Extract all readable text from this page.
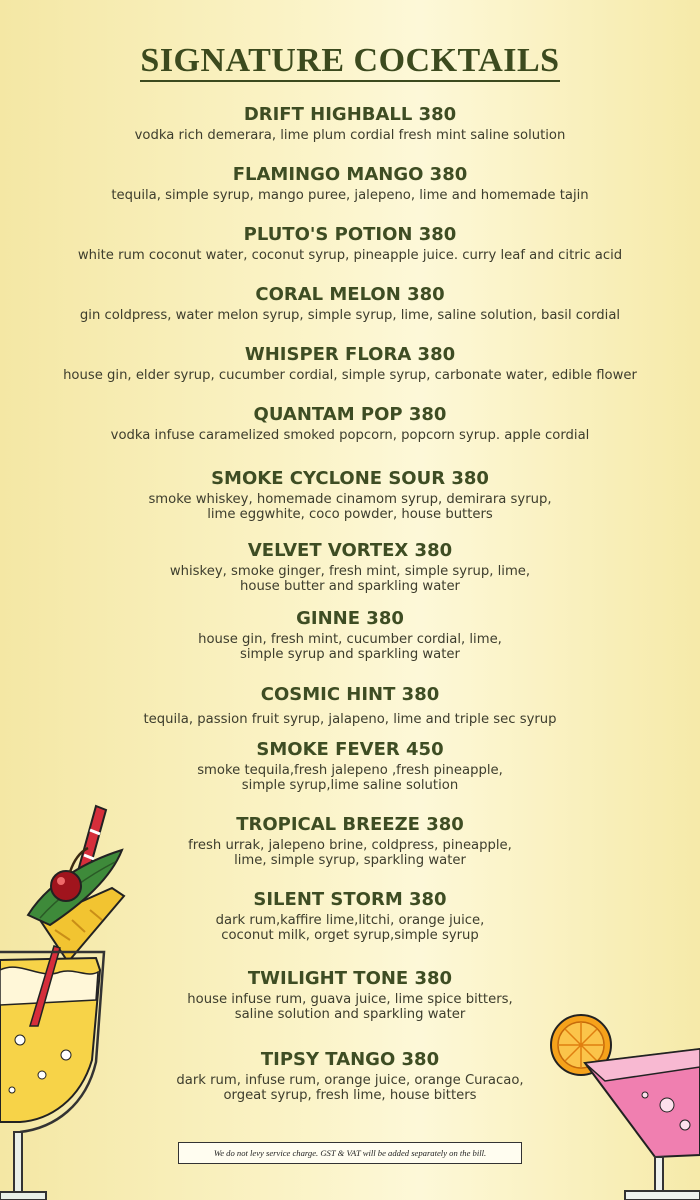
SIGNATURE COCKTAILS
DRIFT HIGHBALL 380
vodka rich demerara, lime plum cordial fresh mint saline solution
FLAMINGO MANGO 380
tequila, simple syrup, mango puree, jalepeno, lime and homemade tajin
PLUTO'S POTION 380
white rum coconut water, coconut syrup, pineapple juice. curry leaf and citric acid
CORAL MELON 380
gin coldpress, water melon syrup, simple syrup, lime, saline solution, basil cordial
WHISPER FLORA 380
house gin, elder syrup, cucumber cordial, simple syrup, carbonate water, edible flower
QUANTAM POP 380
vodka infuse caramelized smoked popcorn, popcorn syrup. apple cordial
SMOKE CYCLONE SOUR 380
smoke whiskey, homemade cinamom syrup, demirara syrup,
lime eggwhite, coco powder, house butters
VELVET VORTEX 380
whiskey, smoke ginger, fresh mint, simple syrup, lime,
house butter and sparkling water
GINNE 380
house gin, fresh mint, cucumber cordial, lime,
simple syrup and sparkling water
COSMIC HINT 380
tequila, passion fruit syrup, jalapeno, lime and triple sec syrup
SMOKE FEVER 450
smoke tequila,fresh jalepeno ,fresh pineapple,
simple syrup,lime saline solution
TROPICAL BREEZE 380
fresh urrak, jalepeno brine, coldpress, pineapple,
lime, simple syrup, sparkling water
SILENT STORM 380
dark rum,kaffire lime,litchi, orange juice,
coconut milk, orget syrup,simple syrup
TWILIGHT TONE 380
house infuse rum, guava juice, lime spice bitters,
saline solution and sparkling water
TIPSY TANGO 380
dark rum, infuse rum, orange juice, orange Curacao,
orgeat syrup, fresh lime, house bitters
We do not levy service charge. GST & VAT will be added separately on the bill.
